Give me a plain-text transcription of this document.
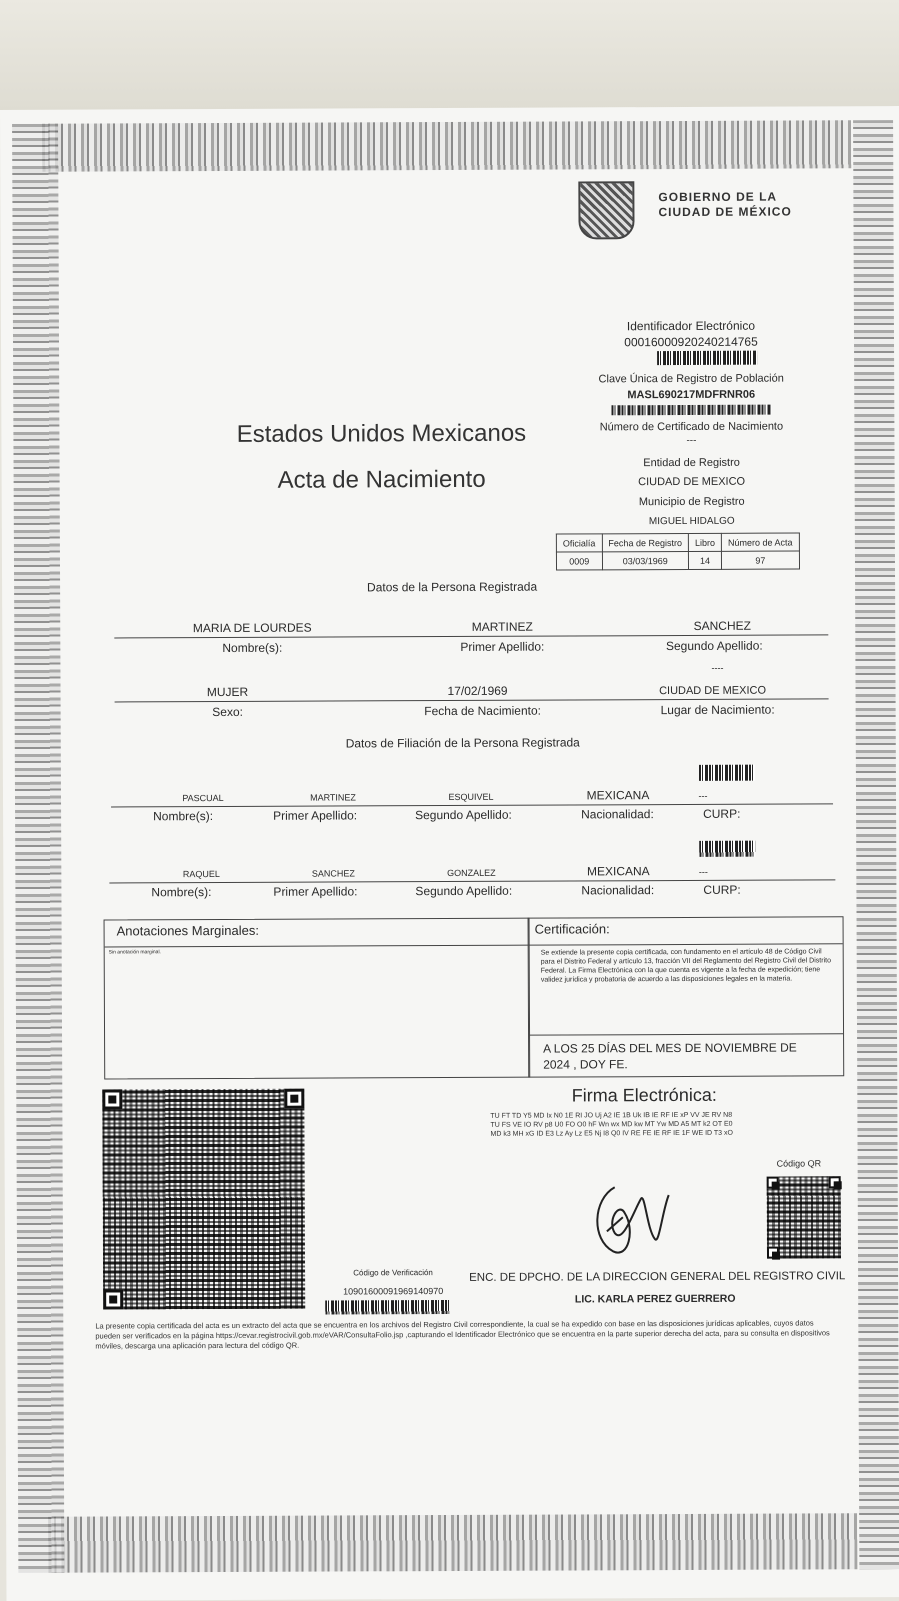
GOBIERNO DE LA
CIUDAD DE MÉXICO
Identificador Electrónico
00016000920240214765
Clave Única de Registro de Población
MASL690217MDFRNR06
Número de Certificado de Nacimiento
---
Entidad de Registro
CIUDAD DE MEXICO
Municipio de Registro
MIGUEL HIDALGO
Estados Unidos Mexicanos
Acta de Nacimiento
Oficialía	Fecha de Registro	Libro	Número de Acta
0009	03/03/1969	14	97
Datos de la Persona Registrada
MARIA DE LOURDES	MARTINEZ	SANCHEZ
Nombre(s):	Primer Apellido:	Segundo Apellido:
----
MUJER	17/02/1969	CIUDAD DE MEXICO
Sexo:	Fecha de Nacimiento:	Lugar de Nacimiento:
Datos de Filiación de la Persona Registrada
PASCUAL	MARTINEZ	ESQUIVEL	MEXICANA	---
Nombre(s):	Primer Apellido:	Segundo Apellido:	Nacionalidad:	CURP:
RAQUEL	SANCHEZ	GONZALEZ	MEXICANA	---
Nombre(s):	Primer Apellido:	Segundo Apellido:	Nacionalidad:	CURP:
Anotaciones Marginales:
Sin anotación marginal.
Certificación:
Se extiende la presente copia certificada, con fundamento en el artículo 48 de Código Civil para el Distrito Federal y artículo 13, fracción VII del Reglamento del Registro Civil del Distrito Federal. La Firma Electrónica con la que cuenta es vigente a la fecha de expedición; tiene validez jurídica y probatoria de acuerdo a las disposiciones legales en la materia.
A LOS 25 DÍAS DEL MES DE NOVIEMBRE DE
2024 , DOY FE.
Firma Electrónica:
TU FT TD Y5 MD Ix N0 1E RI JO Uj A2 IE 1B Uk IB IE RF IE xP VV JE RV N8
TU FS VE IO RV p8 U0 FO O0 hF Wn wx MD kw MT Yw MD A5 MT k2 OT E0
MD k3 MH xG ID E3 Lz Ay Lz E5 Nj I8 Q0 IV RE FE IE RF IE 1F WE ID T3 xO
Código QR
Código de Verificación
10901600091969140970
ENC. DE DPCHO. DE LA DIRECCION GENERAL DEL REGISTRO CIVIL
LIC. KARLA PEREZ GUERRERO
La presente copia certificada del acta es un extracto del acta que se encuentra en los archivos del Registro Civil correspondiente, la cual se ha expedido con base en las disposiciones jurídicas aplicables, cuyos datos pueden ser verificados en la página https://cevar.registrocivil.gob.mx/eVAR/ConsultaFolio.jsp ,capturando el Identificador Electrónico que se encuentra en la parte superior derecha del acta, para su consulta en dispositivos móviles, descarga una aplicación para lectura del código QR.
